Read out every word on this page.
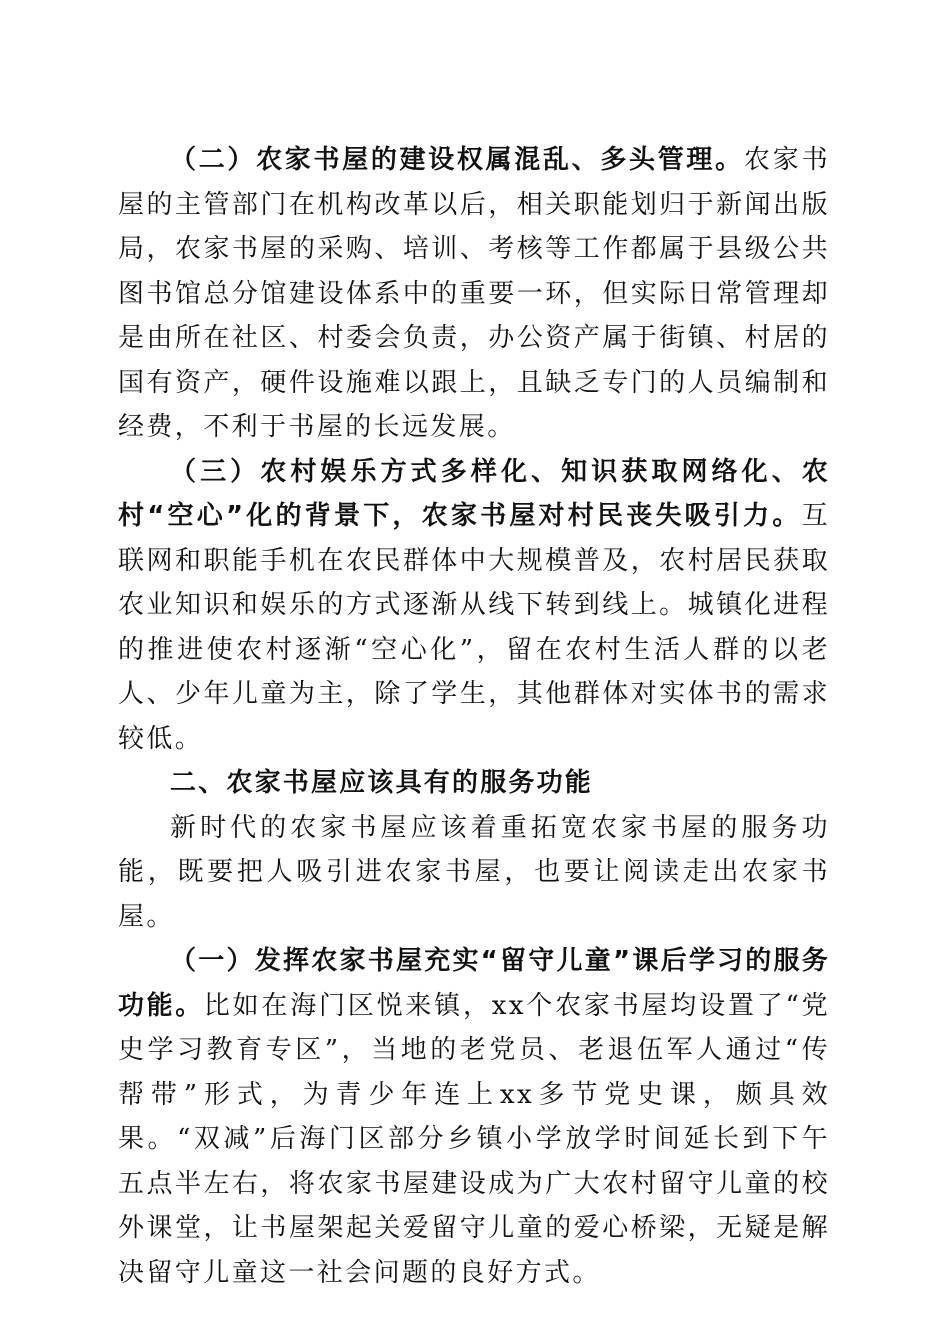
（二）农家书屋的建设权属混乱、多头管理。农家书屋的主管部门在机构改革以后，相关职能划归于新闻出版局，农家书屋的采购、培训、考核等工作都属于县级公共图书馆总分馆建设体系中的重要一环，但实际日常管理却是由所在社区、村委会负责，办公资产属于街镇、村居的国有资产，硬件设施难以跟上，且缺乏专门的人员编制和经费，不利于书屋的长远发展。

（三）农村娱乐方式多样化、知识获取网络化、农村“空心”化的背景下，农家书屋对村民丧失吸引力。互联网和职能手机在农民群体中大规模普及，农村居民获取农业知识和娱乐的方式逐渐从线下转到线上。城镇化进程的推进使农村逐渐“空心化”，留在农村生活人群的以老人、少年儿童为主，除了学生，其他群体对实体书的需求较低。

二、农家书屋应该具有的服务功能

新时代的农家书屋应该着重拓宽农家书屋的服务功能，既要把人吸引进农家书屋，也要让阅读走出农家书屋。

（一）发挥农家书屋充实“留守儿童”课后学习的服务功能。比如在海门区悦来镇，xx个农家书屋均设置了“党史学习教育专区”，当地的老党员、老退伍军人通过“传帮带”形式，为青少年连上xx多节党史课，颇具效果。“双减”后海门区部分乡镇小学放学时间延长到下午五点半左右，将农家书屋建设成为广大农村留守儿童的校外课堂，让书屋架起关爱留守儿童的爱心桥梁，无疑是解决留守儿童这一社会问题的良好方式。
